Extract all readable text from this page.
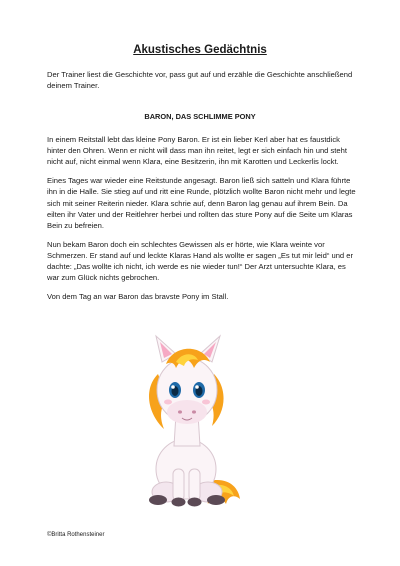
Akustisches Gedächtnis
Der Trainer liest die Geschichte vor, pass gut auf und erzähle die Geschichte anschließend deinem Trainer.
BARON, DAS SCHLIMME PONY

In einem Reitstall lebt das kleine Pony Baron. Er ist ein lieber Kerl aber hat es faustdick hinter den Ohren. Wenn er nicht will dass man ihn reitet, legt er sich einfach hin und steht nicht auf, nicht einmal wenn Klara, eine Besitzerin, ihn mit Karotten und Leckerlis lockt.

Eines Tages war wieder eine Reitstunde angesagt. Baron ließ sich satteln und Klara führte ihn in die Halle. Sie stieg auf und ritt eine Runde, plötzlich wollte Baron nicht mehr und legte sich mit seiner Reiterin nieder. Klara schrie auf, denn Baron lag genau auf ihrem Bein. Da eilten ihr Vater und der Reitlehrer herbei und rollten das sture Pony auf die Seite um Klaras Bein zu befreien.

Nun bekam Baron doch ein schlechtes Gewissen als er hörte, wie Klara weinte vor Schmerzen. Er stand auf und leckte Klaras Hand als wollte er sagen „Es tut mir leid“ und er dachte: „Das wollte ich nicht, ich werde es nie wieder tun!“ Der Arzt untersuchte Klara, es war zum Glück nichts gebrochen.

Von dem Tag an war Baron das bravste Pony im Stall.

©Britta Rothensteiner
